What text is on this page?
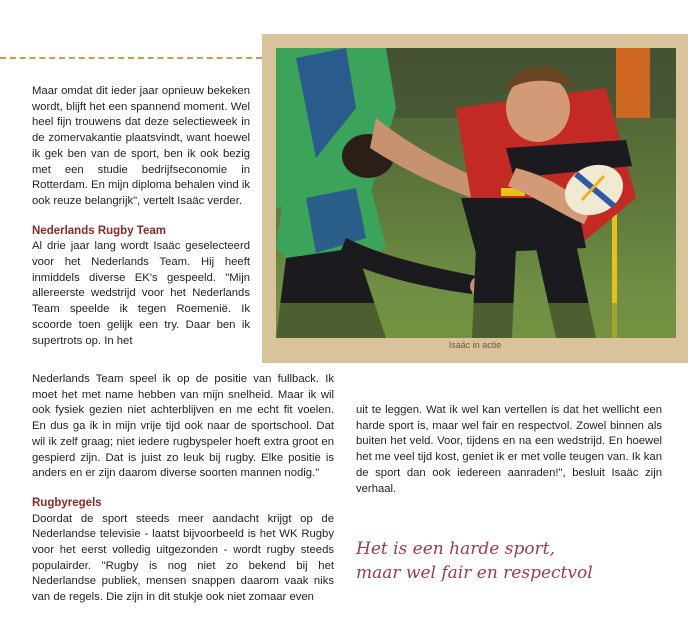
Maar omdat dit ieder jaar opnieuw bekeken wordt, blijft het een spannend moment. Wel heel fijn trouwens dat deze selectieweek in de zomervakantie plaatsvindt, want hoewel ik gek ben van de sport, ben ik ook bezig met een studie bedrijfseconomie in Rotterdam. En mijn diploma behalen vind ik ook reuze belangrijk", vertelt Isaäc verder.

Nederlands Rugby Team

Al drie jaar lang wordt Isaäc geselecteerd voor het Nederlands Team. Hij heeft inmiddels diverse EK's gespeeld. "Mijn allereerste wedstrijd voor het Nederlands Team speelde ik tegen Roemenië. Ik scoorde toen gelijk een try. Daar ben ik supertrots op. In het	Isaäc in actie

Nederlands Team speel ik op de positie van fullback. Ik moet het met name hebben van mijn snelheid. Maar ik wil ook fysiek gezien niet achterblijven en me echt fit voelen. En dus ga ik in mijn vrije tijd ook naar de sportschool. Dat wil ik zelf graag; niet iedere rugbyspeler hoeft extra groot en gespierd zijn. Dat is juist zo leuk bij rugby. Elke positie is anders en er zijn daarom diverse soorten mannen nodig."

Rugbyregels

Doordat de sport steeds meer aandacht krijgt op de Nederlandse televisie - laatst bijvoorbeeld is het WK Rugby voor het eerst volledig uitgezonden - wordt rugby steeds populairder. "Rugby is nog niet zo bekend bij het Nederlandse publiek, mensen snappen daarom vaak niks van de regels. Die zijn in dit stukje ook niet zomaar even

uit te leggen. Wat ik wel kan vertellen is dat het wellicht een harde sport is, maar wel fair en respectvol. Zowel binnen als buiten het veld. Voor, tijdens en na een wedstrijd. En hoewel het me veel tijd kost, geniet ik er met volle teugen van. Ik kan de sport dan ook iedereen aanraden!", besluit Isaäc zijn verhaal.

Het is een harde sport,
maar wel fair en respectvol
